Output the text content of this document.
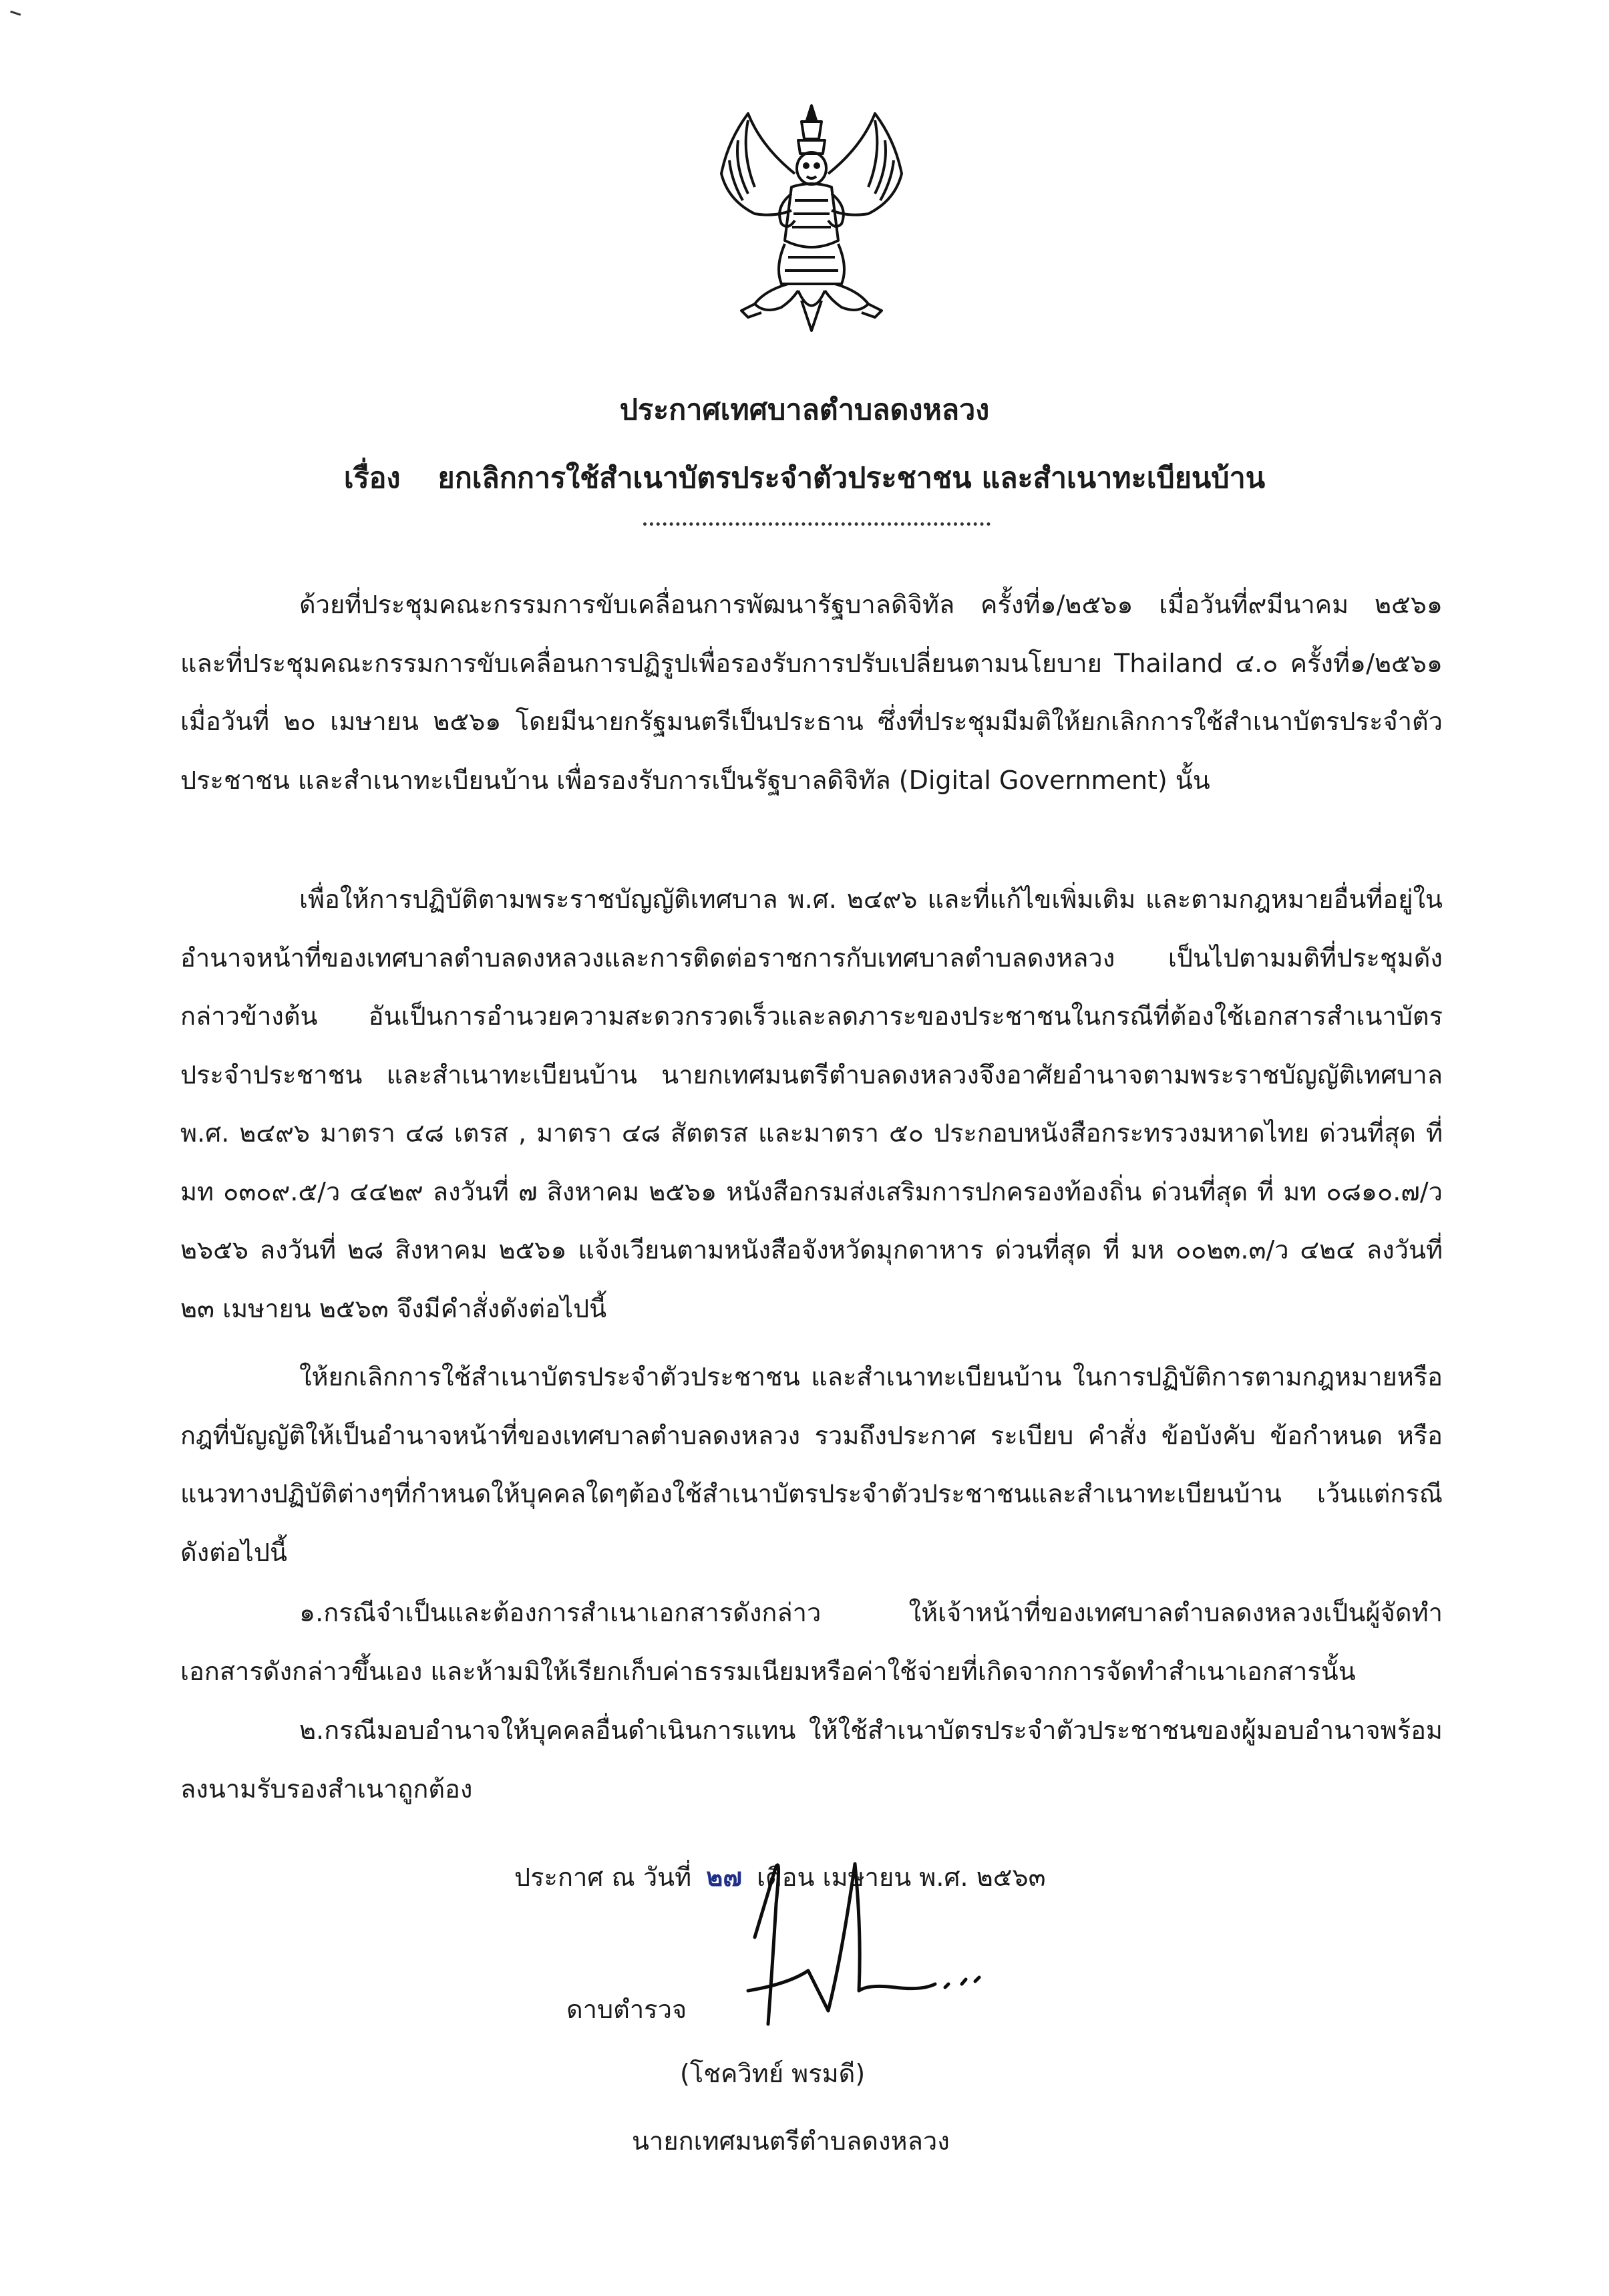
ประกาศเทศบาลตำบลดงหลวง
เรื่อง ยกเลิกการใช้สำเนาบัตรประจำตัวประชาชน และสำเนาทะเบียนบ้าน
ด้วยที่ประชุมคณะกรรมการขับเคลื่อนการพัฒนารัฐบาลดิจิทัล ครั้งที่๑/๒๕๖๑ เมื่อวันที่๙มีนาคม ๒๕๖๑ และที่ประชุมคณะกรรมการขับเคลื่อนการปฏิรูปเพื่อรองรับการปรับเปลี่ยนตามนโยบาย Thailand ๔.๐ ครั้งที่๑/๒๕๖๑ เมื่อวันที่ ๒๐ เมษายน ๒๕๖๑ โดยมีนายกรัฐมนตรีเป็นประธาน ซึ่งที่ประชุมมีมติให้ยกเลิกการใช้สำเนาบัตรประจำตัวประชาชน และสำเนาทะเบียนบ้าน เพื่อรองรับการเป็นรัฐบาลดิจิทัล (Digital Government) นั้น
เพื่อให้การปฏิบัติตามพระราชบัญญัติเทศบาล พ.ศ. ๒๔๙๖ และที่แก้ไขเพิ่มเติม และตามกฎหมายอื่นที่อยู่ในอำนาจหน้าที่ของเทศบาลตำบลดงหลวงและการติดต่อราชการกับเทศบาลตำบลดงหลวง เป็นไปตามมติที่ประชุมดังกล่าวข้างต้น อันเป็นการอำนวยความสะดวกรวดเร็วและลดภาระของประชาชนในกรณีที่ต้องใช้เอกสารสำเนาบัตรประจำประชาชน และสำเนาทะเบียนบ้าน นายกเทศมนตรีตำบลดงหลวงจึงอาศัยอำนาจตามพระราชบัญญัติเทศบาล พ.ศ. ๒๔๙๖ มาตรา ๔๘ เตรส , มาตรา ๔๘ สัตตรส และมาตรา ๕๐ ประกอบหนังสือกระทรวงมหาดไทย ด่วนที่สุด ที่ มท ๐๓๐๙.๕/ว ๔๔๒๙ ลงวันที่ ๗ สิงหาคม ๒๕๖๑ หนังสือกรมส่งเสริมการปกครองท้องถิ่น ด่วนที่สุด ที่ มท ๐๘๑๐.๗/ว ๒๖๕๖ ลงวันที่ ๒๘ สิงหาคม ๒๕๖๑ แจ้งเวียนตามหนังสือจังหวัดมุกดาหาร ด่วนที่สุด ที่ มห ๐๐๒๓.๓/ว ๔๒๔ ลงวันที่ ๒๓ เมษายน ๒๕๖๓ จึงมีคำสั่งดังต่อไปนี้
ให้ยกเลิกการใช้สำเนาบัตรประจำตัวประชาชน และสำเนาทะเบียนบ้าน ในการปฏิบัติการตามกฎหมายหรือกฎที่บัญญัติให้เป็นอำนาจหน้าที่ของเทศบาลตำบลดงหลวง รวมถึงประกาศ ระเบียบ คำสั่ง ข้อบังคับ ข้อกำหนด หรือแนวทางปฏิบัติต่างๆที่กำหนดให้บุคคลใดๆต้องใช้สำเนาบัตรประจำตัวประชาชนและสำเนาทะเบียนบ้าน เว้นแต่กรณีดังต่อไปนี้
๑.กรณีจำเป็นและต้องการสำเนาเอกสารดังกล่าว ให้เจ้าหน้าที่ของเทศบาลตำบลดงหลวงเป็นผู้จัดทำเอกสารดังกล่าวขึ้นเอง และห้ามมิให้เรียกเก็บค่าธรรมเนียมหรือค่าใช้จ่ายที่เกิดจากการจัดทำสำเนาเอกสารนั้น
๒.กรณีมอบอำนาจให้บุคคลอื่นดำเนินการแทน ให้ใช้สำเนาบัตรประจำตัวประชาชนของผู้มอบอำนาจพร้อมลงนามรับรองสำเนาถูกต้อง
ประกาศ ณ วันที่ ๒๗ เดือน เมษายน พ.ศ. ๒๕๖๓
ดาบตำรวจ
(โชควิทย์ พรมดี)
นายกเทศมนตรีตำบลดงหลวง
